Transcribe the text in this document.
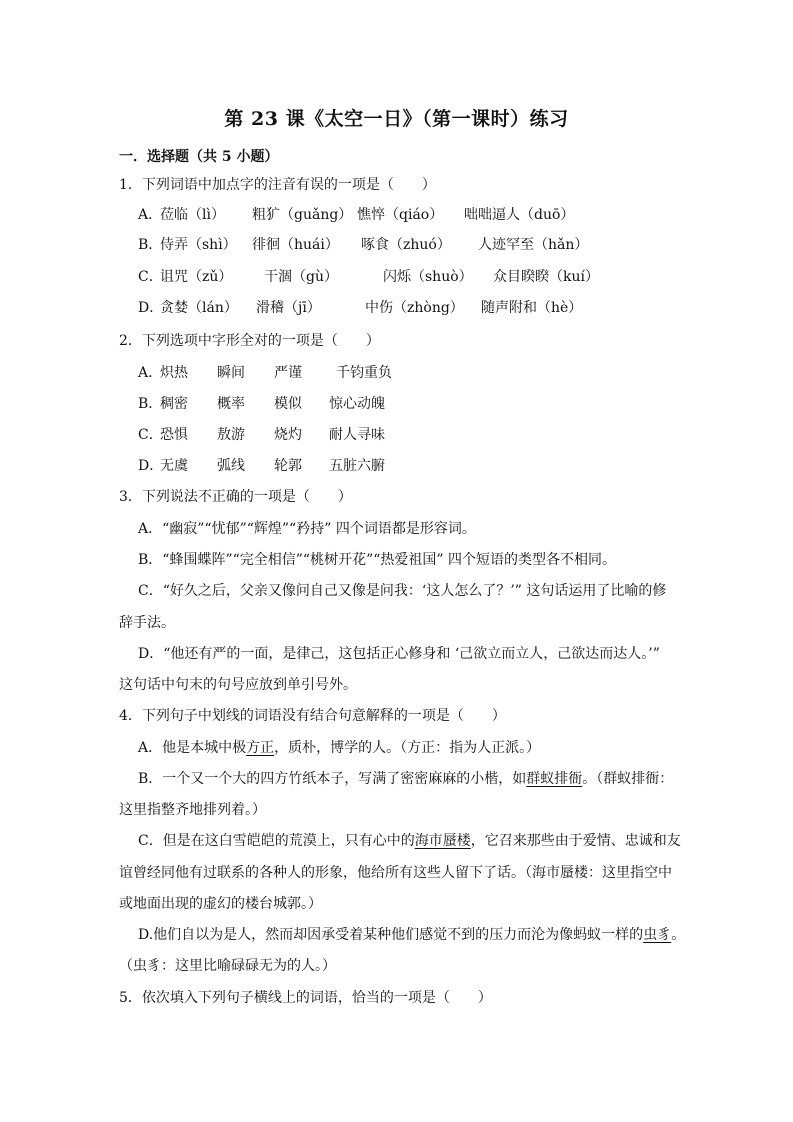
第 23 课《太空一日》（第一课时）练习
一．选择题（共 5 小题）
1．下列词语中加点字的注音有误的一项是（　　）
A．
莅临（lì） 粗犷（guǎng） 憔悴（qiáo） 咄咄逼人（duō）
B．
侍弄（shì） 徘徊（huái） 啄食（zhuó） 人迹罕至（hǎn）
C．
诅咒（zǔ） 干涸（gù）	闪烁（shuò） 众目睽睽（kuí）
D．
贪婪（lán） 滑稽（jī）	中伤（zhòng） 随声附和（hè）
2．下列选项中字形全对的一项是（　　）
A．
炽热 瞬间 严谨 千钧重负
B．
稠密 概率 模似 惊心动魄
C．
恐惧 敖游 烧灼 耐人寻味
D．
无虞 弧线 轮郭 五脏六腑
3．下列说法不正确的一项是（　　）
A．“幽寂”“忧郁”“辉煌”“矜持” 四个词语都是形容词。
B．“蜂围蝶阵”“完全相信”“桃树开花”“热爱祖国” 四个短语的类型各不相同。
C．“好久之后，父亲又像问自己又像是问我：‘这人怎么了？’” 这句话运用了比喻的修
辞手法。
D．“他还有严的一面，是律己，这包括正心修身和 ‘己欲立而立人，己欲达而达人。’”
这句话中句末的句号应放到单引号外。
4．下列句子中划线的词语没有结合句意解释的一项是（　　）
A．他是本城中极方正，质朴，博学的人。（方正：指为人正派。）
B．一个又一个大的四方竹纸本子，写满了密密麻麻的小楷，如群蚁排衙。（群蚁排衙：
这里指整齐地排列着。）
C．但是在这白雪皑皑的荒漠上，只有心中的海市蜃楼，它召来那些由于爱情、忠诚和友
谊曾经同他有过联系的各种人的形象，他给所有这些人留下了话。（海市蜃楼：这里指空中
或地面出现的虚幻的楼台城郭。）
D.他们自以为是人，然而却因承受着某种他们感觉不到的压力而沦为像蚂蚁一样的虫豸。
（虫豸：这里比喻碌碌无为的人。）
5．依次填入下列句子横线上的词语，恰当的一项是（　　）
